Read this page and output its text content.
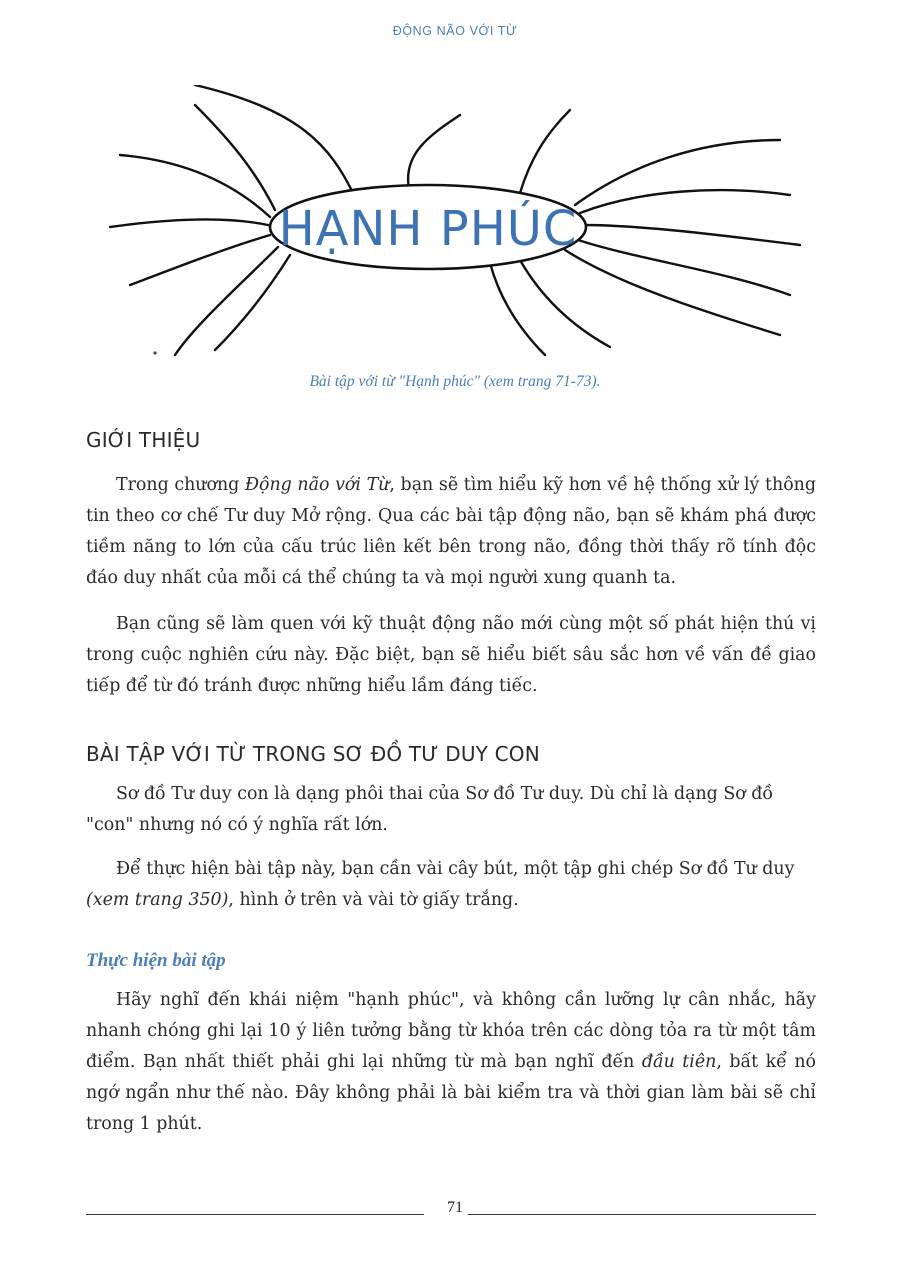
ĐỘNG NÃO VỚI TỪ
HẠNH PHÚC
Bài tập với từ "Hạnh phúc" (xem trang 71-73).
GIỚI THIỆU

Trong chương Động não với Từ, bạn sẽ tìm hiểu kỹ hơn về hệ thống xử lý thông tin theo cơ chế Tư duy Mở rộng. Qua các bài tập động não, bạn sẽ khám phá được tiềm năng to lớn của cấu trúc liên kết bên trong não, đồng thời thấy rõ tính độc đáo duy nhất của mỗi cá thể chúng ta và mọi người xung quanh ta.

Bạn cũng sẽ làm quen với kỹ thuật động não mới cùng một số phát hiện thú vị trong cuộc nghiên cứu này. Đặc biệt, bạn sẽ hiểu biết sâu sắc hơn về vấn đề giao tiếp để từ đó tránh được những hiểu lầm đáng tiếc.

BÀI TẬP VỚI TỪ TRONG SƠ ĐỒ TƯ DUY CON

Sơ đồ Tư duy con là dạng phôi thai của Sơ đồ Tư duy. Dù chỉ là dạng Sơ đồ "con" nhưng nó có ý nghĩa rất lớn.

Để thực hiện bài tập này, bạn cần vài cây bút, một tập ghi chép Sơ đồ Tư duy (xem trang 350), hình ở trên và vài tờ giấy trắng.

Thực hiện bài tập

Hãy nghĩ đến khái niệm "hạnh phúc", và không cần lưỡng lự cân nhắc, hãy nhanh chóng ghi lại 10 ý liên tưởng bằng từ khóa trên các dòng tỏa ra từ một tâm điểm. Bạn nhất thiết phải ghi lại những từ mà bạn nghĩ đến đầu tiên, bất kể nó ngớ ngẩn như thế nào. Đây không phải là bài kiểm tra và thời gian làm bài sẽ chỉ trong 1 phút.

71
